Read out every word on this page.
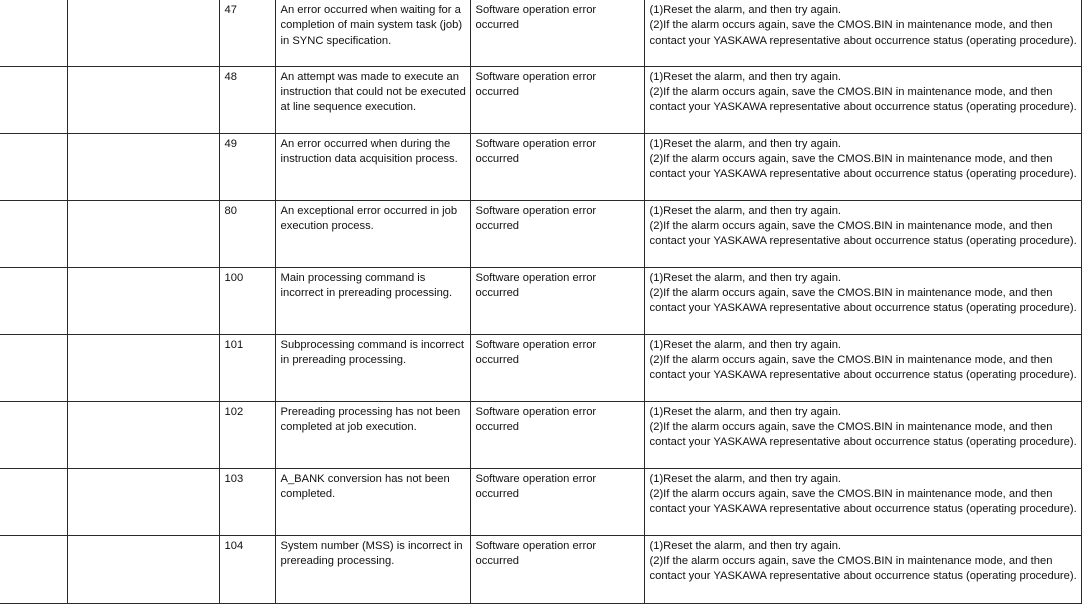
		47	An error occurred when waiting for a completion of main system task (job) in SYNC specification.	Software operation error occurred	(1)Reset the alarm, and then try again.
(2)If the alarm occurs again, save the CMOS.BIN in maintenance mode, and then contact your YASKAWA representative about occurrence status (operating procedure).

		48	An attempt was made to execute an instruction that could not be executed at line sequence execution.	Software operation error occurred	(1)Reset the alarm, and then try again.
(2)If the alarm occurs again, save the CMOS.BIN in maintenance mode, and then contact your YASKAWA representative about occurrence status (operating procedure).

		49	An error occurred when during the instruction data acquisition process.	Software operation error occurred	(1)Reset the alarm, and then try again.
(2)If the alarm occurs again, save the CMOS.BIN in maintenance mode, and then contact your YASKAWA representative about occurrence status (operating procedure).

		80	An exceptional error occurred in job execution process.	Software operation error occurred	(1)Reset the alarm, and then try again.
(2)If the alarm occurs again, save the CMOS.BIN in maintenance mode, and then contact your YASKAWA representative about occurrence status (operating procedure).

		100	Main processing command is incorrect in prereading processing.	Software operation error occurred	(1)Reset the alarm, and then try again.
(2)If the alarm occurs again, save the CMOS.BIN in maintenance mode, and then contact your YASKAWA representative about occurrence status (operating procedure).

		101	Subprocessing command is incorrect in prereading processing.	Software operation error occurred	(1)Reset the alarm, and then try again.
(2)If the alarm occurs again, save the CMOS.BIN in maintenance mode, and then contact your YASKAWA representative about occurrence status (operating procedure).

		102	Prereading processing has not been completed at job execution.	Software operation error occurred	(1)Reset the alarm, and then try again.
(2)If the alarm occurs again, save the CMOS.BIN in maintenance mode, and then contact your YASKAWA representative about occurrence status (operating procedure).

		103	A_BANK conversion has not been completed.	Software operation error occurred	(1)Reset the alarm, and then try again.
(2)If the alarm occurs again, save the CMOS.BIN in maintenance mode, and then contact your YASKAWA representative about occurrence status (operating procedure).

		104	System number (MSS) is incorrect in prereading processing.	Software operation error occurred	(1)Reset the alarm, and then try again.
(2)If the alarm occurs again, save the CMOS.BIN in maintenance mode, and then contact your YASKAWA representative about occurrence status (operating procedure).
